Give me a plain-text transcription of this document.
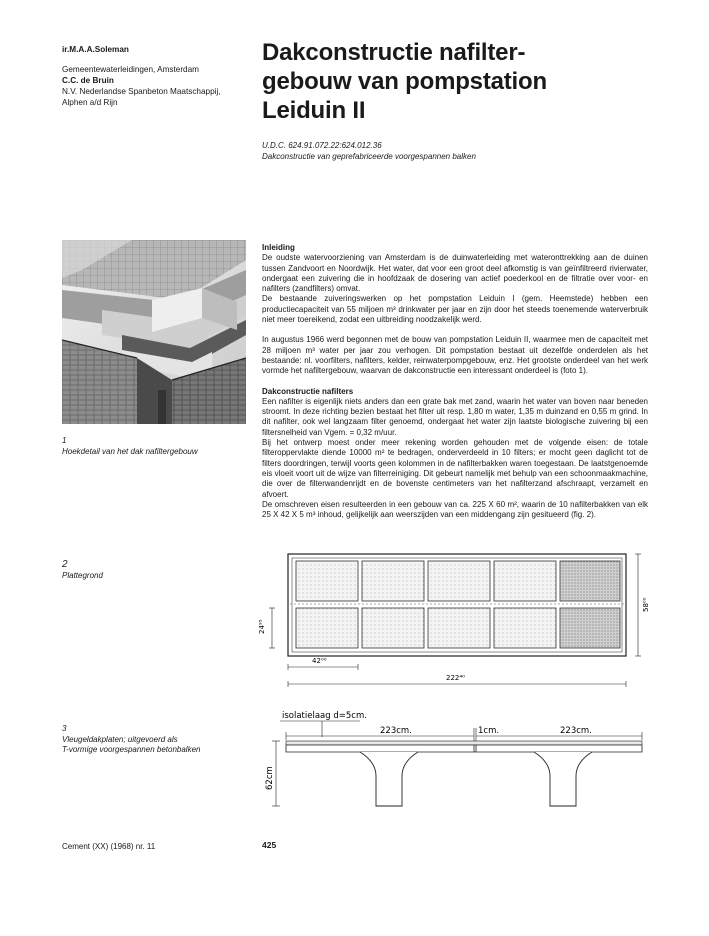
ir.M.A.A.Soleman
Gemeentewaterleidingen, Amsterdam
C.C. de Bruin
N.V. Nederlandse Spanbeton Maatschappij,
Alphen a/d Rijn
Dakconstructie nafilter-
gebouw van pompstation
Leiduin II
U.D.C. 624.91.072.22:624.012.36
Dakconstructie van geprefabriceerde voorgespannen balken
1
Hoekdetail van het dak nafiltergebouw
2
Plattegrond
3
Vleugeldakplaten; uitgevoerd als
T-vormige voorgespannen betonbalken
Inleiding

De oudste watervoorziening van Amsterdam is de duinwaterleiding met wateronttrekking aan de duinen tussen Zandvoort en Noordwijk. Het water, dat voor een groot deel afkomstig is van geïnfiltreerd rivierwater, ondergaat een zuivering die in hoofdzaak de dosering van actief poederkool en de filtratie over voor- en nafilters (zandfilters) omvat.

De bestaande zuiveringswerken op het pompstation Leiduin I (gem. Heemstede) hebben een productiecapaciteit van 55 miljoen m³ drinkwater per jaar en zijn door het steeds toenemende waterverbruik niet meer toereikend, zodat een uitbreiding noodzakelijk werd.

In augustus 1966 werd begonnen met de bouw van pompstation Leiduin II, waarmee men de capaciteit met 28 miljoen m³ water per jaar zou verhogen. Dit pompstation bestaat uit dezelfde onderdelen als het bestaande: nl. voorfilters, nafilters, kelder, reinwaterpompgebouw, enz. Het grootste onderdeel van het werk vormde het nafiltergebouw, waarvan de dakconstructie een interessant onderdeel is (foto 1).

Dakconstructie nafilters

Een nafilter is eigenlijk niets anders dan een grate bak met zand, waarin het water van boven naar beneden stroomt. In deze richting bezien bestaat het filter uit resp. 1,80 m water, 1,35 m duinzand en 0,55 m grind. In dit nafilter, ook wel langzaam filter genoemd, ondergaat het water zijn laatste biologische zuivering bij een filtersnelheid van Vgem. = 0,32 m/uur.

Bij het ontwerp moest onder meer rekening worden gehouden met de volgende eisen: de totale filteroppervlakte diende 10000 m² te bedragen, onderverdeeld in 10 filters; er mocht geen daglicht tot de filters doordringen, terwijl voorts geen kolommen in de nafilterbakken waren toegestaan. De laatstgenoemde eis vloeit voort uit de wijze van filterreiniging. Dit gebeurt namelijk met behulp van een schoonmaakmachine, die over de filterwandenrijdt en de bovenste centimeters van het nafilterzand afschraapt, verzamelt en afvoert.

De omschreven eisen resulteerden in een gebouw van ca. 225 X 60 m², waarin de 10 nafilterbakken van elk 25 X 42 X 5 m³ inhoud, gelijkelijk aan weerszijden van een middengang zijn gesitueerd (fig. 2).

42⁰⁰
222⁴⁰
24⁹⁵
58⁰⁰
isolatielaag d=5cm.
223cm.	1cm.	223cm.
62cm
Cement (XX) (1968) nr. 11	425
